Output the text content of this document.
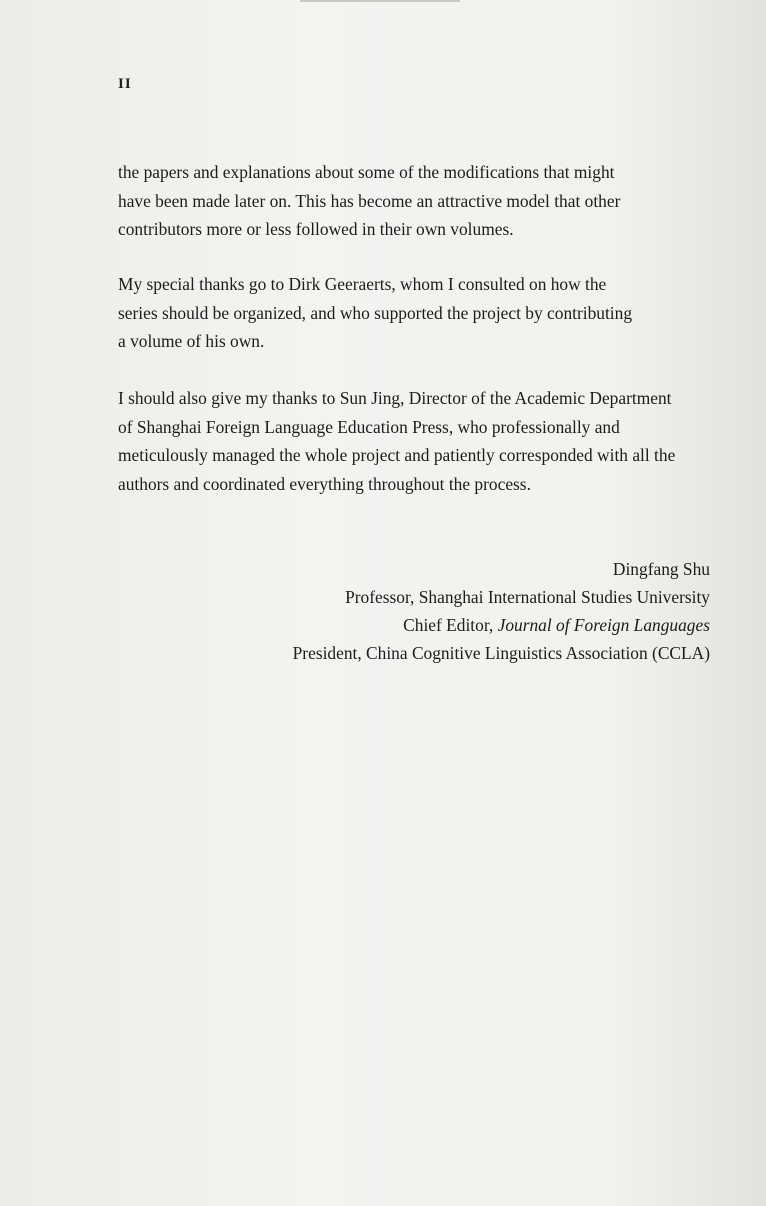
II
the papers and explanations about some of the modifications that might
have been made later on. This has become an attractive model that other
contributors more or less followed in their own volumes.
My special thanks go to Dirk Geeraerts, whom I consulted on how the
series should be organized, and who supported the project by contributing
a volume of his own.
I should also give my thanks to Sun Jing, Director of the Academic Department
of Shanghai Foreign Language Education Press, who professionally and
meticulously managed the whole project and patiently corresponded with all the
authors and coordinated everything throughout the process.
Dingfang Shu
Professor, Shanghai International Studies University
Chief Editor, Journal of Foreign Languages
President, China Cognitive Linguistics Association (CCLA)
